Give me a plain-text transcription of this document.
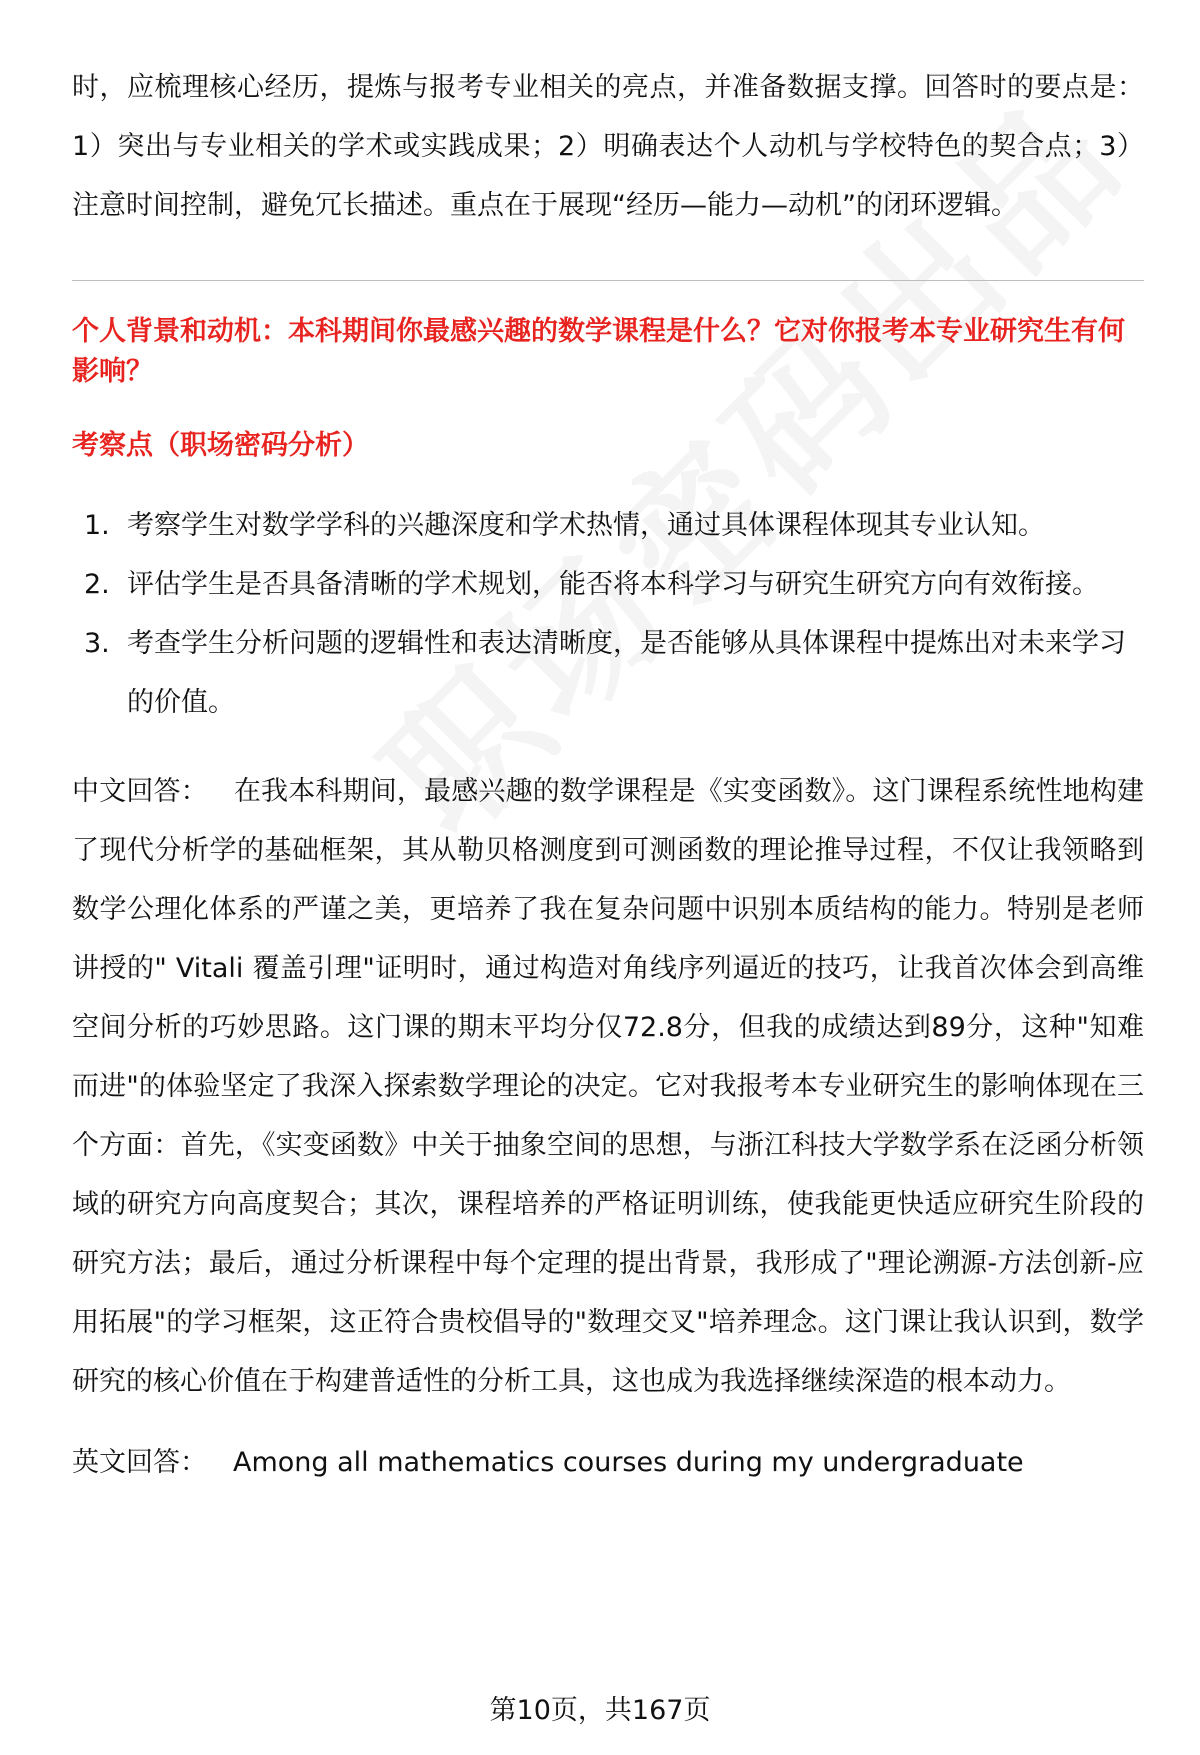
时，应梳理核心经历，提炼与报考专业相关的亮点，并准备数据支撑。回答时的要点是：1）突出与专业相关的学术或实践成果；2）明确表达个人动机与学校特色的契合点；3）注意时间控制，避免冗长描述。重点在于展现“经历—能力—动机”的闭环逻辑。

个人背景和动机：本科期间你最感兴趣的数学课程是什么？它对你报考本专业研究生有何影响？
考察点（职场密码分析）
1. 考察学生对数学学科的兴趣深度和学术热情，通过具体课程体现其专业认知。
2. 评估学生是否具备清晰的学术规划，能否将本科学习与研究生研究方向有效衔接。
3. 考查学生分析问题的逻辑性和表达清晰度，是否能够从具体课程中提炼出对未来学习的价值。

中文回答： 在我本科期间，最感兴趣的数学课程是《实变函数》。这门课程系统性地构建了现代分析学的基础框架，其从勒贝格测度到可测函数的理论推导过程，不仅让我领略到数学公理化体系的严谨之美，更培养了我在复杂问题中识别本质结构的能力。特别是老师讲授的" Vitali 覆盖引理"证明时，通过构造对角线序列逼近的技巧，让我首次体会到高维空间分析的巧妙思路。这门课的期末平均分仅72.8分，但我的成绩达到89分，这种"知难而进"的体验坚定了我深入探索数学理论的决定。它对我报考本专业研究生的影响体现在三个方面：首先，《实变函数》中关于抽象空间的思想，与浙江科技大学数学系在泛函分析领域的研究方向高度契合；其次，课程培养的严格证明训练，使我能更快适应研究生阶段的研究方法；最后，通过分析课程中每个定理的提出背景，我形成了"理论溯源-方法创新-应用拓展"的学习框架，这正符合贵校倡导的"数理交叉"培养理念。这门课让我认识到，数学研究的核心价值在于构建普适性的分析工具，这也成为我选择继续深造的根本动力。

英文回答： Among all mathematics courses during my undergraduate

第10页，共167页
